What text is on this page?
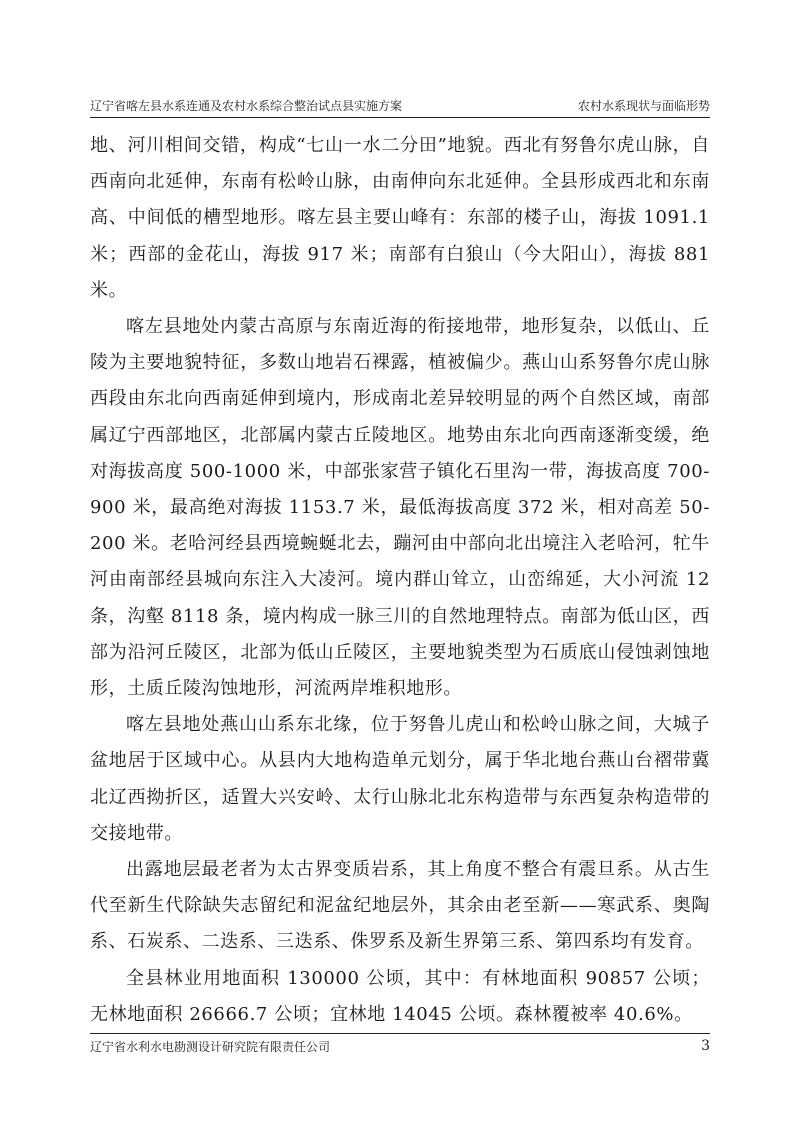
辽宁省喀左县水系连通及农村水系综合整治试点县实施方案	农村水系现状与面临形势

地、河川相间交错，构成“七山一水二分田”地貌。西北有努鲁尔虎山脉，自西南向北延伸，东南有松岭山脉，由南伸向东北延伸。全县形成西北和东南高、中间低的槽型地形。喀左县主要山峰有：东部的楼子山，海拔 1091.1 米；西部的金花山，海拔 917 米；南部有白狼山（今大阳山），海拔 881 米。

喀左县地处内蒙古高原与东南近海的衔接地带，地形复杂，以低山、丘陵为主要地貌特征，多数山地岩石裸露，植被偏少。燕山山系努鲁尔虎山脉西段由东北向西南延伸到境内，形成南北差异较明显的两个自然区域，南部属辽宁西部地区，北部属内蒙古丘陵地区。地势由东北向西南逐渐变缓，绝对海拔高度 500-1000 米，中部张家营子镇化石里沟一带，海拔高度 700-900 米，最高绝对海拔 1153.7 米，最低海拔高度 372 米，相对高差 50-200 米。老哈河经县西境蜿蜒北去，蹦河由中部向北出境注入老哈河，牤牛河由南部经县城向东注入大凌河。境内群山耸立，山峦绵延，大小河流 12 条，沟壑 8118 条，境内构成一脉三川的自然地理特点。南部为低山区，西部为沿河丘陵区，北部为低山丘陵区，主要地貌类型为石质底山侵蚀剥蚀地形，土质丘陵沟蚀地形，河流两岸堆积地形。

喀左县地处燕山山系东北缘，位于努鲁儿虎山和松岭山脉之间，大城子盆地居于区域中心。从县内大地构造单元划分，属于华北地台燕山台褶带冀北辽西拗折区，适置大兴安岭、太行山脉北北东构造带与东西复杂构造带的交接地带。

出露地层最老者为太古界变质岩系，其上角度不整合有震旦系。从古生代至新生代除缺失志留纪和泥盆纪地层外，其余由老至新——寒武系、奥陶系、石炭系、二迭系、三迭系、侏罗系及新生界第三系、第四系均有发育。

全县林业用地面积 130000 公顷，其中：有林地面积 90857 公顷；无林地面积 26666.7 公顷；宜林地 14045 公顷。森林覆被率 40.6%。

辽宁省水利水电勘测设计研究院有限责任公司	3
